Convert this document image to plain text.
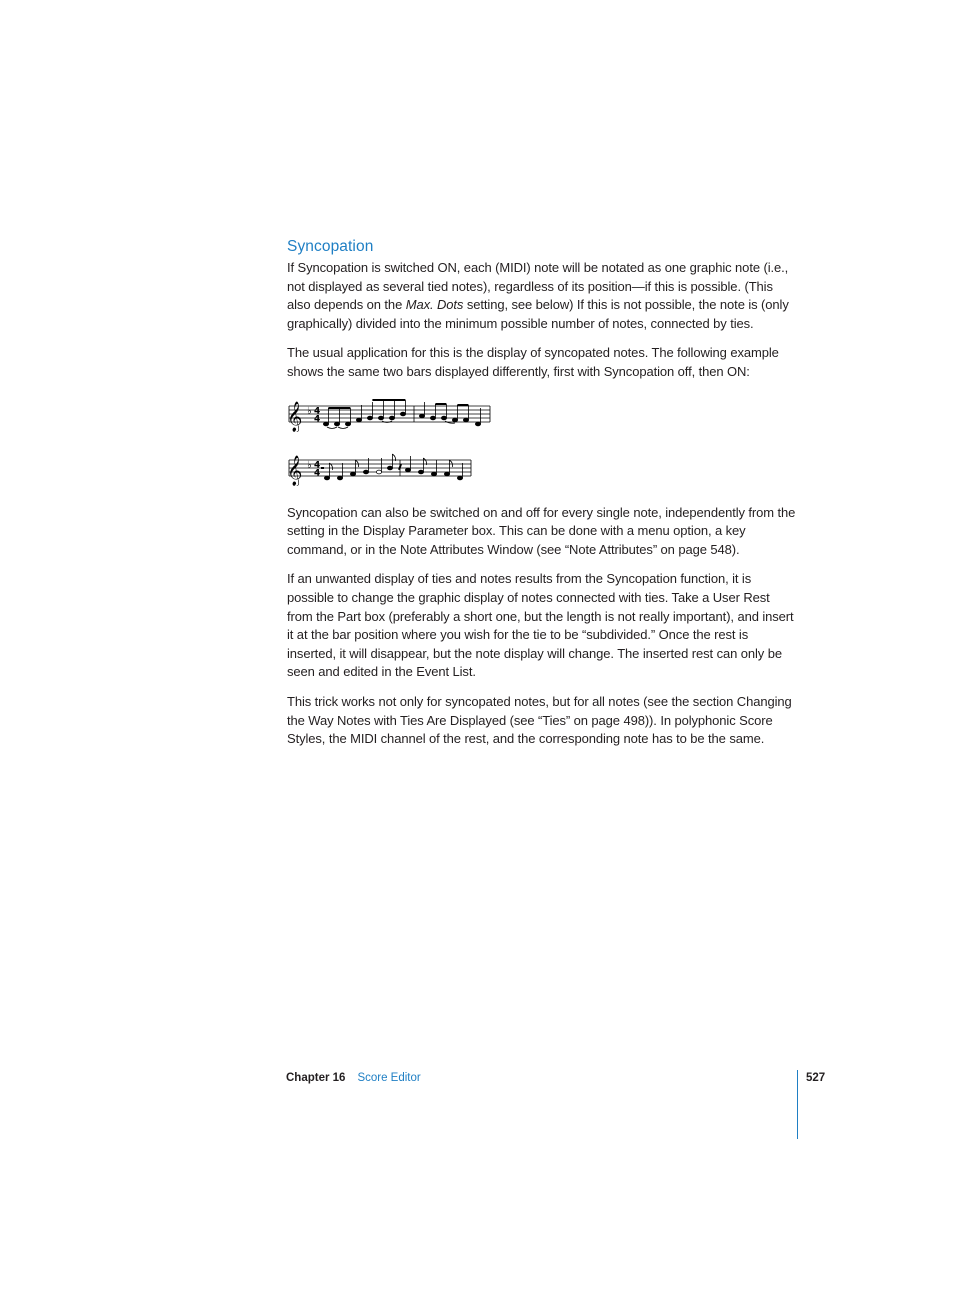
Syncopation

If Syncopation is switched ON, each (MIDI) note will be notated as one graphic note (i.e., not displayed as several tied notes), regardless of its position—if this is possible. (This also depends on the Max. Dots setting, see below) If this is not possible, the note is (only graphically) divided into the minimum possible number of notes, connected by ties.

The usual application for this is the display of syncopated notes. The following example shows the same two bars displayed differently, first with Syncopation off, then ON:

𝄞 ♭ 4
4
𝄞 ♭ 4
4

Syncopation can also be switched on and off for every single note, independently from the setting in the Display Parameter box. This can be done with a menu option, a key command, or in the Note Attributes Window (see “Note Attributes” on page 548).

If an unwanted display of ties and notes results from the Syncopation function, it is possible to change the graphic display of notes connected with ties. Take a User Rest from the Part box (preferably a short one, but the length is not really important), and insert it at the bar position where you wish for the tie to be “subdivided.” Once the rest is inserted, it will disappear, but the note display will change. The inserted rest can only be seen and edited in the Event List.

This trick works not only for syncopated notes, but for all notes (see the section Changing the Way Notes with Ties Are Displayed (see “Ties” on page 498)). In polyphonic Score Styles, the MIDI channel of the rest, and the corresponding note has to be the same.

Chapter 16 Score Editor	527
